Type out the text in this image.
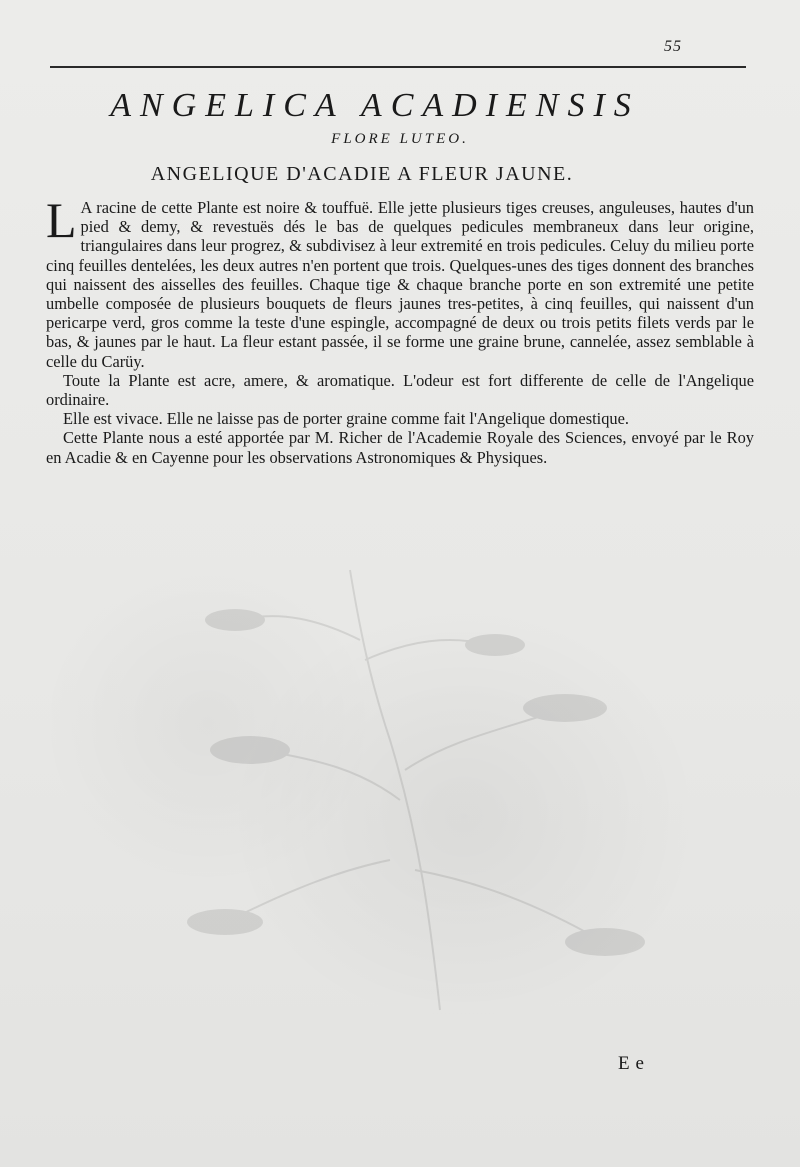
55
ANGELICA ACADIENSIS
FLORE LUTEO.
ANGELIQUE D'ACADIE A FLEUR JAUNE.

L A racine de cette Plante est noire & touffuë. Elle jette plusieurs tiges creuses, anguleuses, hautes d'un pied & demy, & revestuës dés le bas de quelques pedicules membraneux dans leur origine, triangulaires dans leur progrez, & subdivisez à leur extremité en trois pedicules. Celuy du milieu porte cinq feuilles dentelées, les deux autres n'en portent que trois. Quelques-unes des tiges donnent des branches qui naissent des aisselles des feuilles. Chaque tige & chaque branche porte en son extremité une petite umbelle composée de plusieurs bouquets de fleurs jaunes tres-petites, à cinq feuilles, qui naissent d'un pericarpe verd, gros comme la teste d'une espingle, accompagné de deux ou trois petits filets verds par le bas, & jaunes par le haut. La fleur estant passée, il se forme une graine brune, cannelée, assez semblable à celle du Carüy.

Toute la Plante est acre, amere, & aromatique. L'odeur est fort differente de celle de l'Angelique ordinaire.

Elle est vivace. Elle ne laisse pas de porter graine comme fait l'Angelique domestique.

Cette Plante nous a esté apportée par M. Richer de l'Academie Royale des Sciences, envoyé par le Roy en Acadie & en Cayenne pour les observations Astronomiques & Physiques.

Ee
